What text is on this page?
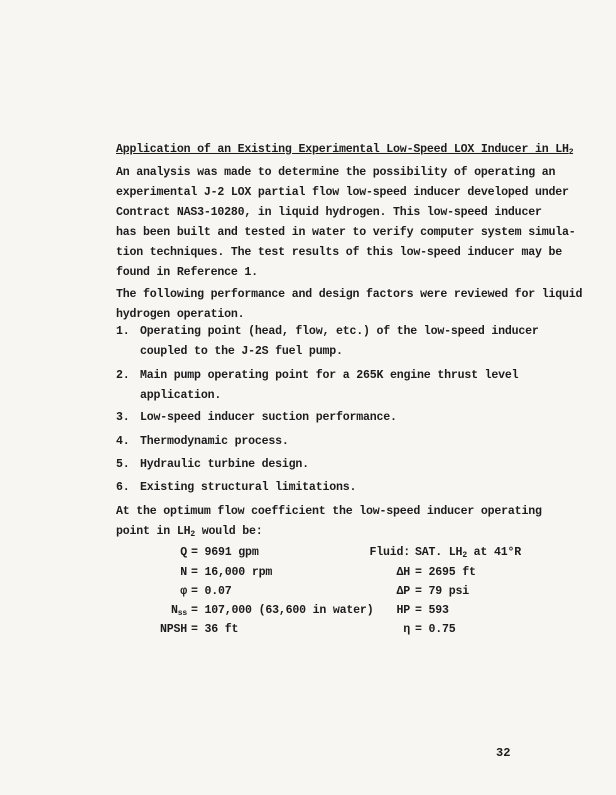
Application of an Existing Experimental Low-Speed LOX Inducer in $LH_2$
An analysis was made to determine the possibility of operating an
experimental J-2 LOX partial flow low-speed inducer developed under
Contract NAS3-10280, in liquid hydrogen. This low-speed inducer
has been built and tested in water to verify computer system simula-
tion techniques. The test results of this low-speed inducer may be
found in Reference 1.
The following performance and design factors were reviewed for liquid
hydrogen operation.
1. Operating point (head, flow, etc.) of the low-speed inducer
coupled to the J-2S fuel pump.
2. Main pump operating point for a 265K engine thrust level
application.
3. Low-speed inducer suction performance.
4. Thermodynamic process.
5. Hydraulic turbine design.
6. Existing structural limitations.
At the optimum flow coefficient the low-speed inducer operating
point in $LH_2$ would be:
Q = 9691 gpm
N = 16,000 rpm
φ = 0.07
$N_{ss} = 107,000$ (63,600 in water)
NPSH = 36 ft
Fluid: SAT. $LH_2$ at 41°R
ΔH = 2695 ft
ΔP = 79 psi
HP = 593
η = 0.75
32
